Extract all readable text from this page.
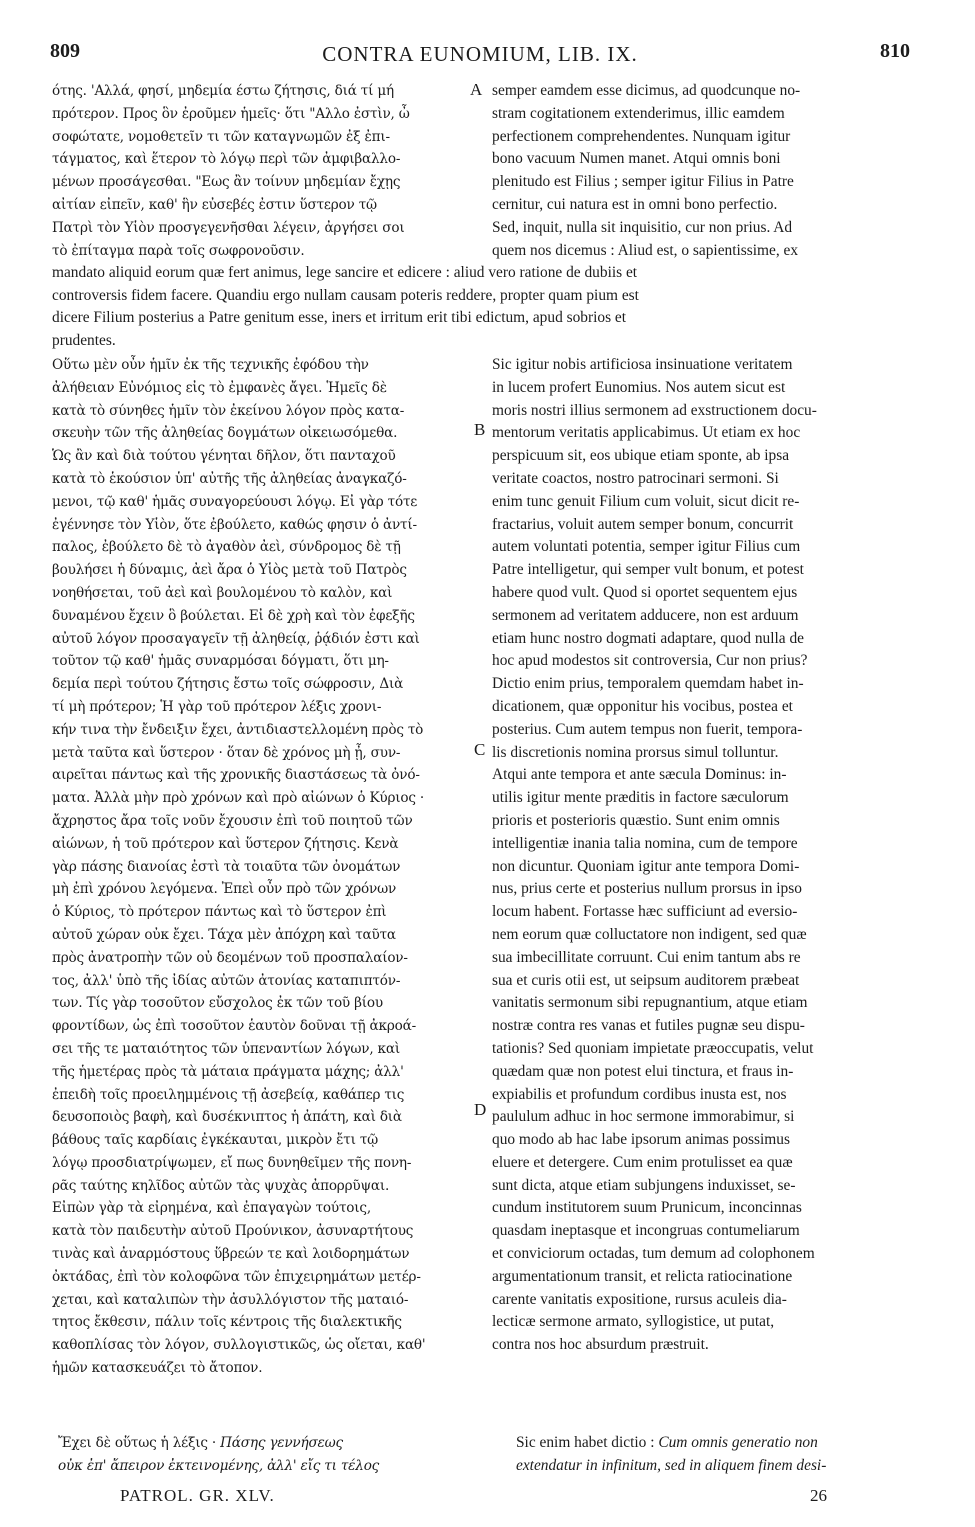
809	CONTRA EUNOMIUM, LIB. IX.	810
ότης. 'Αλλά, φησί, μηδεμία έστω ζήτησις, διά τί μή
πρότερον. Προς ὃν ἐροῦμεν ἡμεῖς· ὅτι "Αλλο ἐστὶν, ὦ
σοφώτατε, νομοθετεῖν τι τῶν καταγνωμῶν ἐξ ἐπι-
τάγματος, καὶ ἕτερον τὸ λόγῳ περὶ τῶν ἀμφιβαλλο-
μένων προσάγεσθαι. "Εως ἂν τοίνυν μηδεμίαν ἔχῃς
αἰτίαν εἰπεῖν, καθ' ἣν εὐσεβές ἐστιν ὕστερον τῷ
Πατρὶ τὸν Υἱὸν προσγεγενῆσθαι λέγειν, ἀργήσει σοι
τὸ ἐπίταγμα παρὰ τοῖς σωφρονοῦσιν.
semper eamdem esse dicimus, ad quodcunque no-
stram cogitationem extenderimus, illic eamdem
perfectionem comprehendentes. Nunquam igitur
bono vacuum Numen manet. Atqui omnis boni
plenitudo est Filius ; semper igitur Filius in Patre
cernitur, cui natura est in omni bono perfectio.
Sed, inquit, nulla sit inquisitio, cur non prius. Ad
quem nos dicemus : Aliud est, o sapientissime, ex
mandato aliquid eorum quæ fert animus, lege sancire et edicere : aliud vero ratione de dubiis et
controversis fidem facere. Quandiu ergo nullam causam poteris reddere, propter quam pium est
dicere Filium posterius a Patre genitum esse, iners et irritum erit tibi edictum, apud sobrios et
prudentes.
Οὕτω μὲν οὖν ἡμῖν ἐκ τῆς τεχνικῆς ἐφόδου τὴν
ἀλήθειαν Εὐνόμιος εἰς τὸ ἐμφανὲς ἄγει. Ἡμεῖς δὲ
κατὰ τὸ σύνηθες ἡμῖν τὸν ἐκείνου λόγον πρὸς κατα-
σκευὴν τῶν τῆς ἀληθείας δογμάτων οἰκειωσόμεθα.
Ὡς ἂν καὶ διὰ τούτου γένηται δῆλον, ὅτι πανταχοῦ
κατὰ τὸ ἑκούσιον ὑπ' αὐτῆς τῆς ἀληθείας ἀναγκαζό-
μενοι, τῷ καθ' ἡμᾶς συναγορεύουσι λόγῳ. Εἰ γὰρ τότε
ἐγέννησε τὸν Υἱὸν, ὅτε ἐβούλετο, καθώς φησιν ὁ ἀντί-
παλος, ἐβούλετο δὲ τὸ ἀγαθὸν ἀεὶ, σύνδρομος δὲ τῇ
βουλήσει ἡ δύναμις, ἀεὶ ἄρα ὁ Υἱὸς μετὰ τοῦ Πατρὸς
νοηθήσεται, τοῦ ἀεὶ καὶ βουλομένου τὸ καλὸν, καὶ
δυναμένου ἔχειν ὃ βούλεται. Εἰ δὲ χρὴ καὶ τὸν ἐφεξῆς
αὐτοῦ λόγον προσαγαγεῖν τῇ ἀληθείᾳ, ῥᾴδιόν ἐστι καὶ
τοῦτον τῷ καθ' ἡμᾶς συναρμόσαι δόγματι, ὅτι μη-
δεμία περὶ τούτου ζήτησις ἔστω τοῖς σώφροσιν, Διὰ
τί μὴ πρότερον; Ἡ γὰρ τοῦ πρότερον λέξις χρονι-
κήν τινα τὴν ἔνδειξιν ἔχει, ἀντιδιαστελλομένη πρὸς τὸ
μετὰ ταῦτα καὶ ὕστερον · ὅταν δὲ χρόνος μὴ ᾖ, συν-
αιρεῖται πάντως καὶ τῆς χρονικῆς διαστάσεως τὰ ὀνό-
ματα. Ἀλλὰ μὴν πρὸ χρόνων καὶ πρὸ αἰώνων ὁ Κύριος ·
ἄχρηστος ἄρα τοῖς νοῦν ἔχουσιν ἐπὶ τοῦ ποιητοῦ τῶν
αἰώνων, ἡ τοῦ πρότερον καὶ ὕστερον ζήτησις. Κενὰ
γὰρ πάσης διανοίας ἐστὶ τὰ τοιαῦτα τῶν ὀνομάτων
μὴ ἐπὶ χρόνου λεγόμενα. Ἐπεὶ οὖν πρὸ τῶν χρόνων
ὁ Κύριος, τὸ πρότερον πάντως καὶ τὸ ὕστερον ἐπὶ
αὐτοῦ χώραν οὐκ ἔχει. Τάχα μὲν ἀπόχρη καὶ ταῦτα
πρὸς ἀνατροπὴν τῶν οὐ δεομένων τοῦ προσπαλαίον-
τος, ἀλλ' ὑπὸ τῆς ἰδίας αὐτῶν ἀτονίας καταπιπτόν-
των. Τίς γὰρ τοσοῦτον εὔσχολος ἐκ τῶν τοῦ βίου
φροντίδων, ὡς ἐπὶ τοσοῦτον ἑαυτὸν δοῦναι τῇ ἀκροά-
σει τῆς τε ματαιότητος τῶν ὑπεναντίων λόγων, καὶ
τῆς ἡμετέρας πρὸς τὰ μάταια πράγματα μάχης; ἀλλ'
ἐπειδὴ τοῖς προειλημμένοις τῇ ἀσεβείᾳ, καθάπερ τις
δευσοποιὸς βαφὴ, καὶ δυσέκνιπτος ἡ ἀπάτη, καὶ διὰ
βάθους ταῖς καρδίαις ἐγκέκαυται, μικρὸν ἔτι τῷ
λόγῳ προσδιατρίψωμεν, εἴ πως δυνηθεῖμεν τῆς πονη-
ρᾶς ταύτης κηλῖδος αὐτῶν τὰς ψυχὰς ἀπορρῦψαι.
Εἰπὼν γὰρ τὰ εἰρημένα, καὶ ἐπαγαγὼν τούτοις,
κατὰ τὸν παιδευτὴν αὐτοῦ Προύνικον, ἀσυναρτήτους
τινὰς καὶ ἀναρμόστους ὕβρεών τε καὶ λοιδορημάτων
ὀκτάδας, ἐπὶ τὸν κολοφῶνα τῶν ἐπιχειρημάτων μετέρ-
χεται, καὶ καταλιπὼν τὴν ἀσυλλόγιστον τῆς ματαιό-
τητος ἔκθεσιν, πάλιν τοῖς κέντροις τῆς διαλεκτικῆς
καθοπλίσας τὸν λόγον, συλλογιστικῶς, ὡς οἴεται, καθ'
ἡμῶν κατασκευάζει τὸ ἄτοπον.
Sic igitur nobis artificiosa insinuatione veritatem
in lucem profert Eunomius. Nos autem sicut est
moris nostri illius sermonem ad exstructionem docu-
mentorum veritatis applicabimus. Ut etiam ex hoc
perspicuum sit, eos ubique etiam sponte, ab ipsa
veritate coactos, nostro patrocinari sermoni. Si
enim tunc genuit Filium cum voluit, sicut dicit re-
fractarius, voluit autem semper bonum, concurrit
autem voluntati potentia, semper igitur Filius cum
Patre intelligetur, qui semper vult bonum, et potest
habere quod vult. Quod si oportet sequentem ejus
sermonem ad veritatem adducere, non est arduum
etiam hunc nostro dogmati adaptare, quod nulla de
hoc apud modestos sit controversia, Cur non prius?
Dictio enim prius, temporalem quemdam habet in-
dicationem, quæ opponitur his vocibus, postea et
posterius. Cum autem tempus non fuerit, tempora-
lis discretionis nomina prorsus simul tolluntur.
Atqui ante tempora et ante sæcula Dominus: in-
utilis igitur mente præditis in factore sæculorum
prioris et posterioris quæstio. Sunt enim omnis
intelligentiæ inania talia nomina, cum de tempore
non dicuntur. Quoniam igitur ante tempora Domi-
nus, prius certe et posterius nullum prorsus in ipso
locum habent. Fortasse hæc sufficiunt ad eversio-
nem eorum quæ colluctatore non indigent, sed quæ
sua imbecillitate corruunt. Cui enim tantum abs re
sua et curis otii est, ut seipsum auditorem præbeat
vanitatis sermonum sibi repugnantium, atque etiam
nostræ contra res vanas et futiles pugnæ seu dispu-
tationis? Sed quoniam impietate præoccupatis, velut
quædam quæ non potest elui tinctura, et fraus in-
expiabilis et profundum cordibus inusta est, nos
paululum adhuc in hoc sermone immorabimur, si
quo modo ab hac labe ipsorum animas possimus
eluere et detergere. Cum enim protulisset ea quæ
sunt dicta, atque etiam subjungens induxisset, se-
cundum institutorem suum Prunicum, inconcinnas
quasdam ineptasque et incongruas contumeliarum
et conviciorum octadas, tum demum ad colophonem
argumentationum transit, et relicta ratiocinatione
carente vanitatis expositione, rursus aculeis dia-
lecticæ sermone armato, syllogistice, ut putat,
contra nos hoc absurdum præstruit.
Ἔχει δὲ οὕτως ἡ λέξις · Πάσης γεννήσεως
οὐκ ἐπ' ἄπειρον ἐκτεινομένης, ἀλλ' εἴς τι τέλος
Sic enim habet dictio : Cum omnis generatio non
extendatur in infinitum, sed in aliquem finem desi-
A
B
C
D
PATROL. GR. XLV.	26
